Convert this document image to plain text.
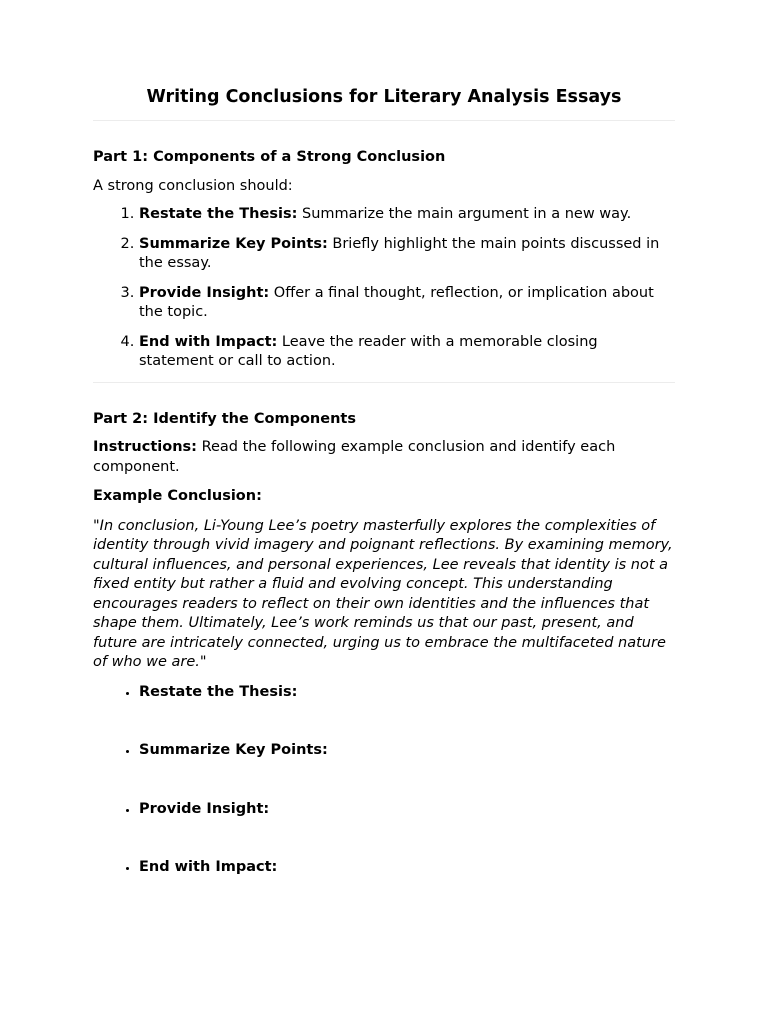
Writing Conclusions for Literary Analysis Essays
Part 1: Components of a Strong Conclusion

A strong conclusion should:

1. Restate the Thesis: Summarize the main argument in a new way.
2. Summarize Key Points: Briefly highlight the main points discussed in the essay.
3. Provide Insight: Offer a final thought, reflection, or implication about the topic.
4. End with Impact: Leave the reader with a memorable closing statement or call to action.
Part 2: Identify the Components

Instructions: Read the following example conclusion and identify each component.

Example Conclusion:

"In conclusion, Li-Young Lee’s poetry masterfully explores the complexities of identity through vivid imagery and poignant reflections. By examining memory, cultural influences, and personal experiences, Lee reveals that identity is not a fixed entity but rather a fluid and evolving concept. This understanding encourages readers to reflect on their own identities and the influences that shape them. Ultimately, Lee’s work reminds us that our past, present, and future are intricately connected, urging us to embrace the multifaceted nature of who we are."

• Restate the Thesis:
• Summarize Key Points:
• Provide Insight:
• End with Impact:
